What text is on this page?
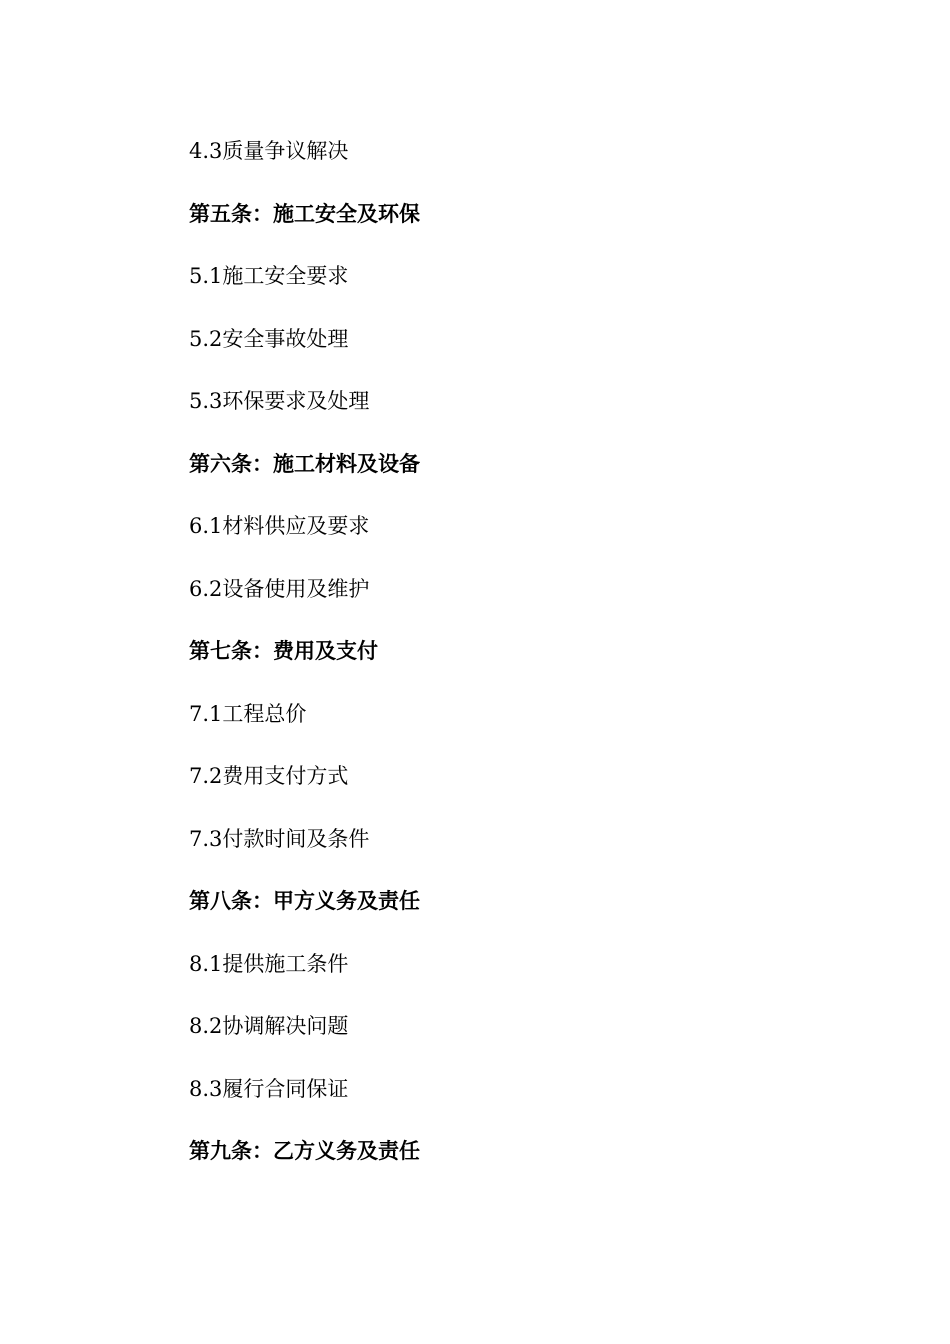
4.3质量争议解决
第五条：施工安全及环保
5.1施工安全要求
5.2安全事故处理
5.3环保要求及处理
第六条：施工材料及设备
6.1材料供应及要求
6.2设备使用及维护
第七条：费用及支付
7.1工程总价
7.2费用支付方式
7.3付款时间及条件
第八条：甲方义务及责任
8.1提供施工条件
8.2协调解决问题
8.3履行合同保证
第九条：乙方义务及责任
